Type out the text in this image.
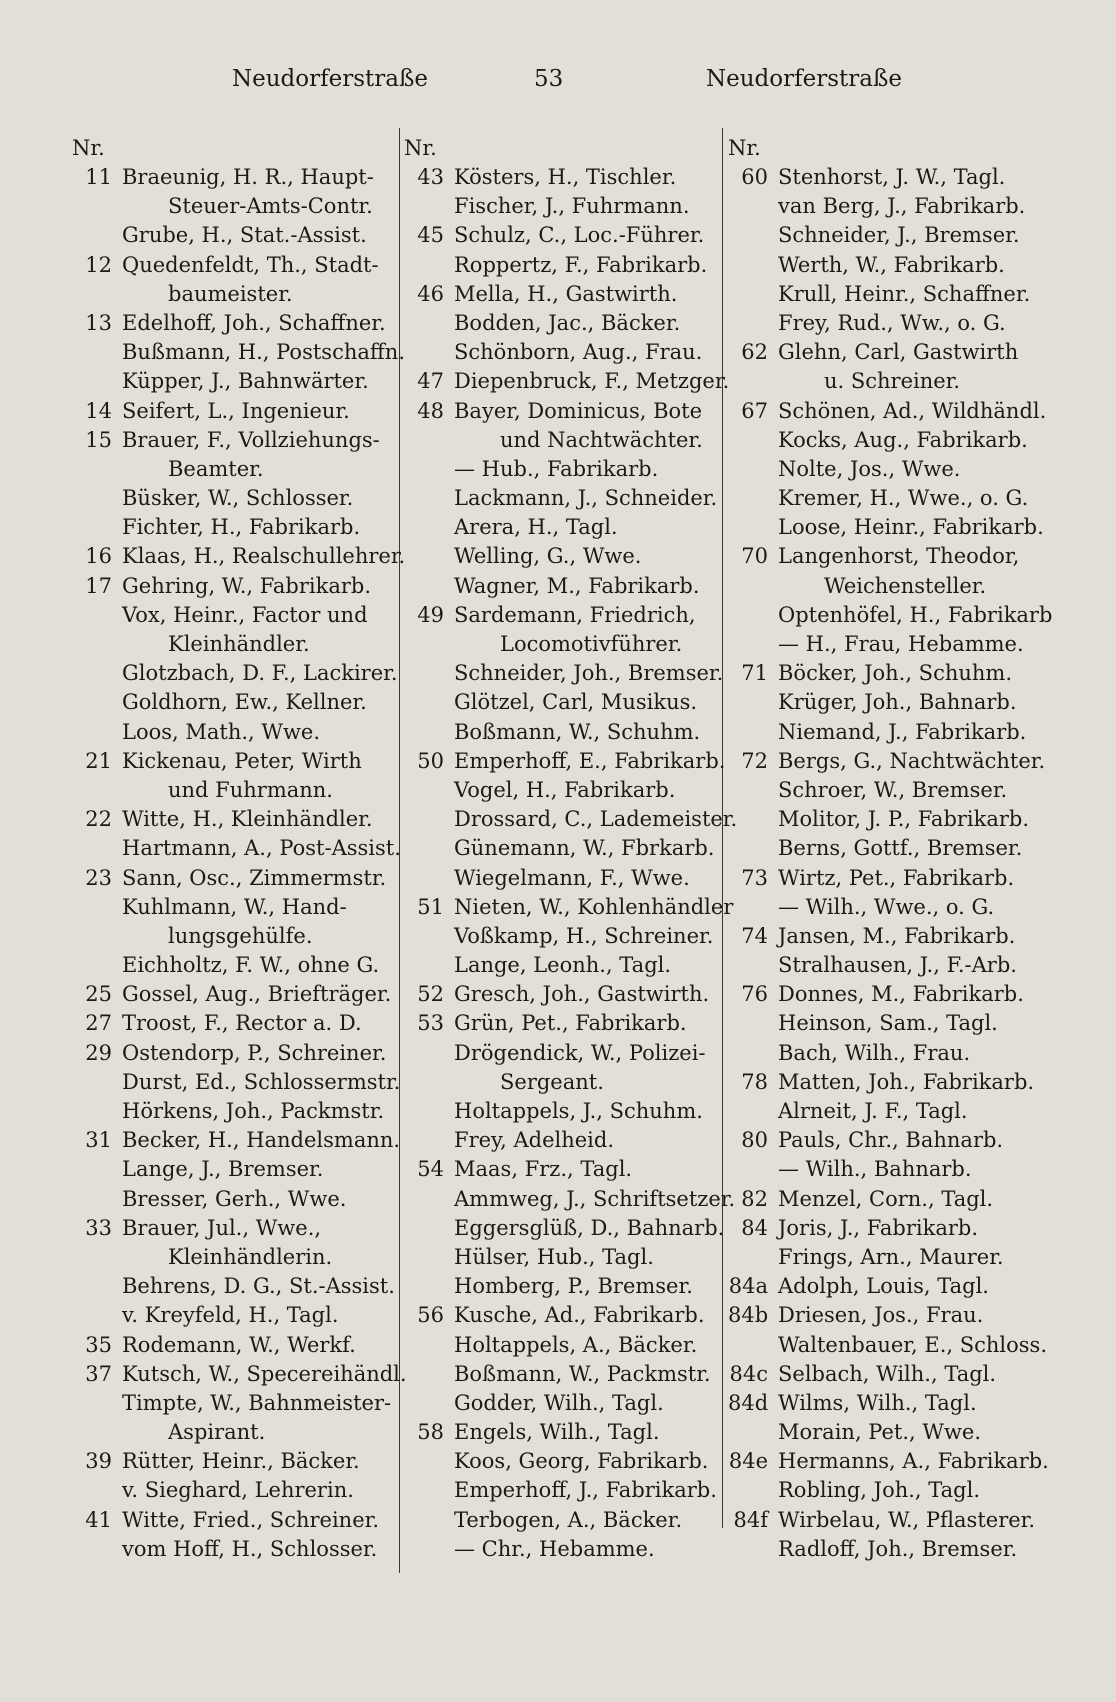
Neudorferstraße	53	Neudorferstraße
Nr.
11 Braeunig, H. R., Haupt-
Steuer-Amts-Contr.
Grube, H., Stat.-Assist.
12 Quedenfeldt, Th., Stadt-
baumeister.
13 Edelhoff, Joh., Schaffner.
Bußmann, H., Postschaffn.
Küpper, J., Bahnwärter.
14 Seifert, L., Ingenieur.
15 Brauer, F., Vollziehungs-
Beamter.
Büsker, W., Schlosser.
Fichter, H., Fabrikarb.
16 Klaas, H., Realschullehrer.
17 Gehring, W., Fabrikarb.
Vox, Heinr., Factor und
Kleinhändler.
Glotzbach, D. F., Lackirer.
Goldhorn, Ew., Kellner.
Loos, Math., Wwe.
21 Kickenau, Peter, Wirth
und Fuhrmann.
22 Witte, H., Kleinhändler.
Hartmann, A., Post-Assist.
23 Sann, Osc., Zimmermstr.
Kuhlmann, W., Hand-
lungsgehülfe.
Eichholtz, F. W., ohne G.
25 Gossel, Aug., Briefträger.
27 Troost, F., Rector a. D.
29 Ostendorp, P., Schreiner.
Durst, Ed., Schlossermstr.
Hörkens, Joh., Packmstr.
31 Becker, H., Handelsmann.
Lange, J., Bremser.
Bresser, Gerh., Wwe.
33 Brauer, Jul., Wwe.,
Kleinhändlerin.
Behrens, D. G., St.-Assist.
v. Kreyfeld, H., Tagl.
35 Rodemann, W., Werkf.
37 Kutsch, W., Specereihändl.
Timpte, W., Bahnmeister-
Aspirant.
39 Rütter, Heinr., Bäcker.
v. Sieghard, Lehrerin.
41 Witte, Fried., Schreiner.
vom Hoff, H., Schlosser.
Nr.
43 Kösters, H., Tischler.
Fischer, J., Fuhrmann.
45 Schulz, C., Loc.-Führer.
Roppertz, F., Fabrikarb.
46 Mella, H., Gastwirth.
Bodden, Jac., Bäcker.
Schönborn, Aug., Frau.
47 Diepenbruck, F., Metzger.
48 Bayer, Dominicus, Bote
und Nachtwächter.
— Hub., Fabrikarb.
Lackmann, J., Schneider.
Arera, H., Tagl.
Welling, G., Wwe.
Wagner, M., Fabrikarb.
49 Sardemann, Friedrich,
Locomotivführer.
Schneider, Joh., Bremser.
Glötzel, Carl, Musikus.
Boßmann, W., Schuhm.
50 Emperhoff, E., Fabrikarb.
Vogel, H., Fabrikarb.
Drossard, C., Lademeister.
Günemann, W., Fbrkarb.
Wiegelmann, F., Wwe.
51 Nieten, W., Kohlenhändler
Voßkamp, H., Schreiner.
Lange, Leonh., Tagl.
52 Gresch, Joh., Gastwirth.
53 Grün, Pet., Fabrikarb.
Drögendick, W., Polizei-
Sergeant.
Holtappels, J., Schuhm.
Frey, Adelheid.
54 Maas, Frz., Tagl.
Ammweg, J., Schriftsetzer.
Eggersglüß, D., Bahnarb.
Hülser, Hub., Tagl.
Homberg, P., Bremser.
56 Kusche, Ad., Fabrikarb.
Holtappels, A., Bäcker.
Boßmann, W., Packmstr.
Godder, Wilh., Tagl.
58 Engels, Wilh., Tagl.
Koos, Georg, Fabrikarb.
Emperhoff, J., Fabrikarb.
Terbogen, A., Bäcker.
— Chr., Hebamme.
Nr.
60 Stenhorst, J. W., Tagl.
van Berg, J., Fabrikarb.
Schneider, J., Bremser.
Werth, W., Fabrikarb.
Krull, Heinr., Schaffner.
Frey, Rud., Ww., o. G.
62 Glehn, Carl, Gastwirth
u. Schreiner.
67 Schönen, Ad., Wildhändl.
Kocks, Aug., Fabrikarb.
Nolte, Jos., Wwe.
Kremer, H., Wwe., o. G.
Loose, Heinr., Fabrikarb.
70 Langenhorst, Theodor,
Weichensteller.
Optenhöfel, H., Fabrikarb
— H., Frau, Hebamme.
71 Böcker, Joh., Schuhm.
Krüger, Joh., Bahnarb.
Niemand, J., Fabrikarb.
72 Bergs, G., Nachtwächter.
Schroer, W., Bremser.
Molitor, J. P., Fabrikarb.
Berns, Gottf., Bremser.
73 Wirtz, Pet., Fabrikarb.
— Wilh., Wwe., o. G.
74 Jansen, M., Fabrikarb.
Stralhausen, J., F.-Arb.
76 Donnes, M., Fabrikarb.
Heinson, Sam., Tagl.
Bach, Wilh., Frau.
78 Matten, Joh., Fabrikarb.
Alrneit, J. F., Tagl.
80 Pauls, Chr., Bahnarb.
— Wilh., Bahnarb.
82 Menzel, Corn., Tagl.
84 Joris, J., Fabrikarb.
Frings, Arn., Maurer.
84a Adolph, Louis, Tagl.
84b Driesen, Jos., Frau.
Waltenbauer, E., Schloss.
84c Selbach, Wilh., Tagl.
84d Wilms, Wilh., Tagl.
Morain, Pet., Wwe.
84e Hermanns, A., Fabrikarb.
Robling, Joh., Tagl.
84f Wirbelau, W., Pflasterer.
Radloff, Joh., Bremser.
